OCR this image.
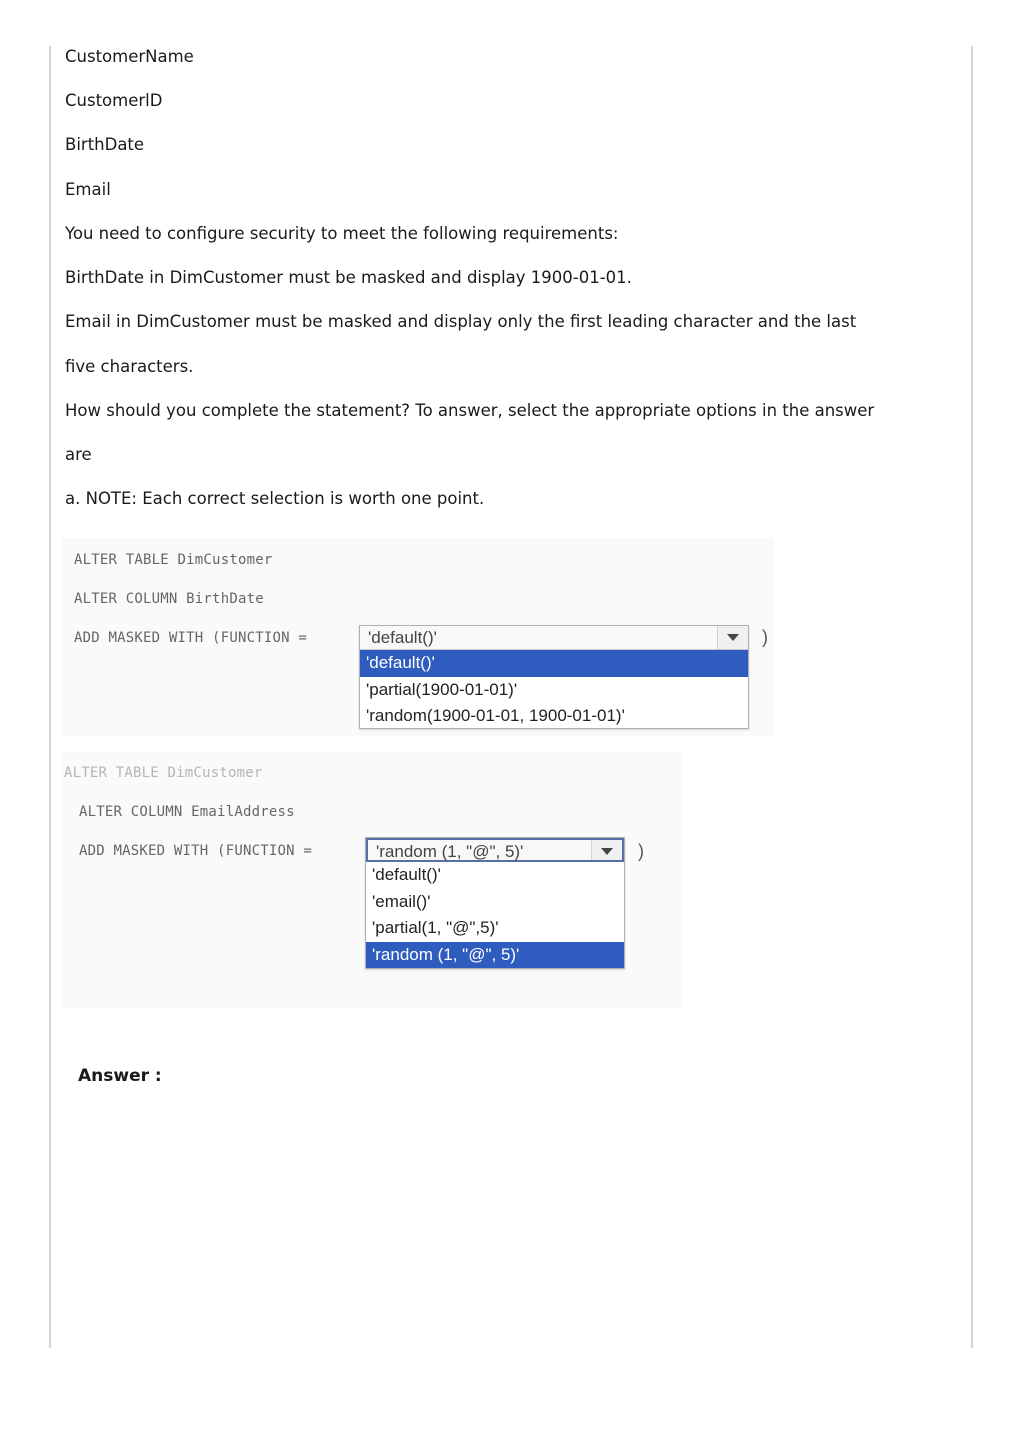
CustomerName
CustomerlD
BirthDate
Email
You need to configure security to meet the following requirements:
BirthDate in DimCustomer must be masked and display 1900-01-01.
Email in DimCustomer must be masked and display only the first leading character and the last
five characters.
How should you complete the statement? To answer, select the appropriate options in the answer
are
a. NOTE: Each correct selection is worth one point.
ALTER TABLE DimCustomer
ALTER COLUMN BirthDate
ADD MASKED WITH (FUNCTION =	'default()'
'default()'
'partial(1900-01-01)'
'random(1900-01-01, 1900-01-01)'
)
ALTER TABLE DimCustomer
ALTER COLUMN EmailAddress
ADD MASKED WITH (FUNCTION =	'random (1, "@", 5)'
'default()'
'email()'
'partial(1, "@",5)'
'random (1, "@", 5)'
)
Answer :
